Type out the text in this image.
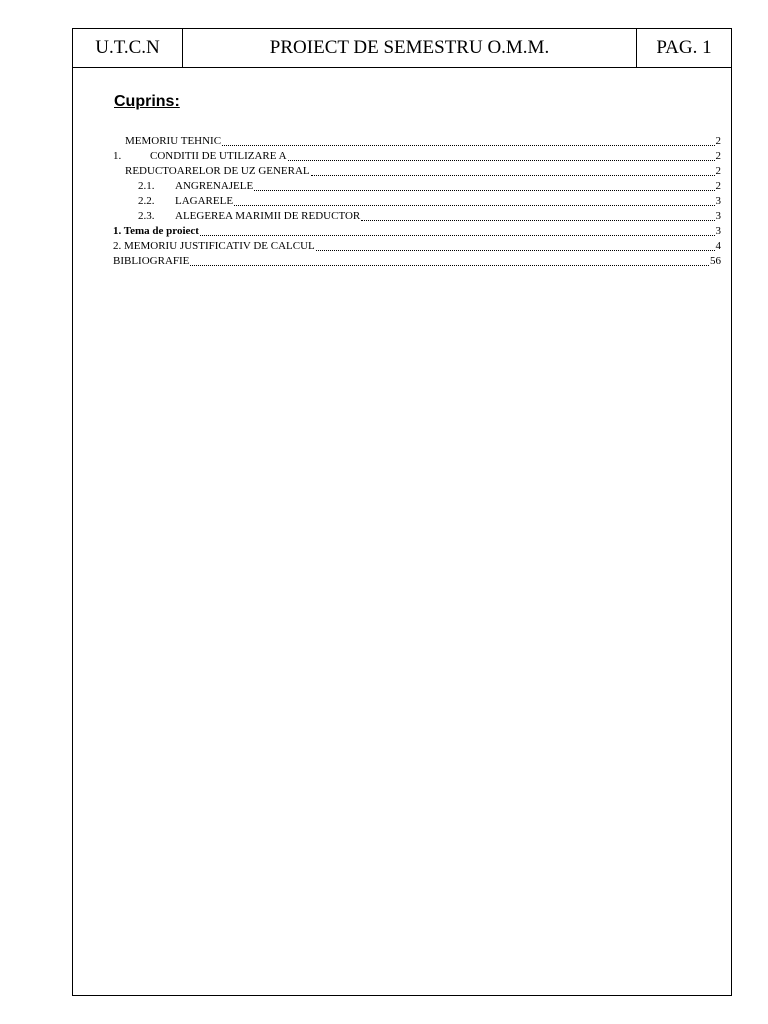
U.T.C.N	PROIECT DE SEMESTRU O.M.M.	PAG. 1
Cuprins:
MEMORIU TEHNIC	2
1.	CONDITII DE UTILIZARE A	2
REDUCTOARELOR DE UZ GENERAL	2
2.1.	ANGRENAJELE	2
2.2.	LAGARELE	3
2.3.	ALEGEREA MARIMII DE REDUCTOR	3
1. Tema de proiect	3
2. MEMORIU JUSTIFICATIV DE CALCUL	4
BIBLIOGRAFIE	56
